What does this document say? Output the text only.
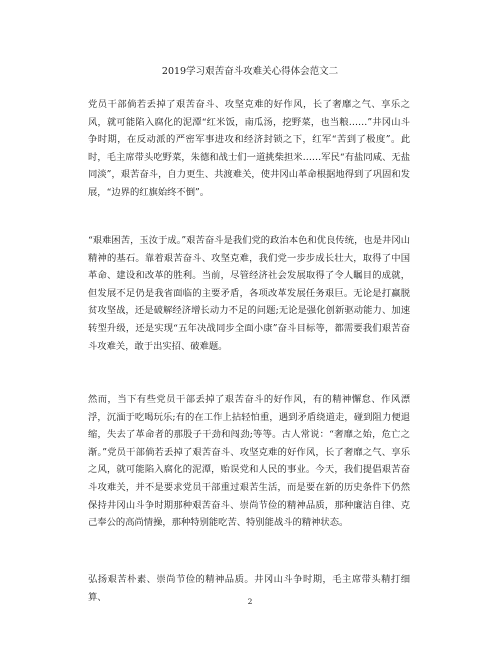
2019学习艰苦奋斗攻难关心得体会范文二

党员干部倘若丢掉了艰苦奋斗、攻坚克难的好作风，长了奢靡之气、享乐之风，就可能陷入腐化的泥潭“红米饭，南瓜汤，挖野菜，也当粮……”井冈山斗争时期，在反动派的严密军事进攻和经济封锁之下，红军“苦到了极度”。此时，毛主席带头吃野菜，朱德和战士们一道挑柴担米……军民“有盐同咸、无盐同淡”，艰苦奋斗，自力更生、共渡难关，使井冈山革命根据地得到了巩固和发展，“边界的红旗始终不倒”。

“艰难困苦，玉汝于成。”艰苦奋斗是我们党的政治本色和优良传统，也是井冈山精神的基石。靠着艰苦奋斗、攻坚克难，我们党一步步成长壮大，取得了中国革命、建设和改革的胜利。当前，尽管经济社会发展取得了令人瞩目的成就，但发展不足仍是我省面临的主要矛盾，各项改革发展任务艰巨。无论是打赢脱贫攻坚战，还是破解经济增长动力不足的问题;无论是强化创新驱动能力、加速转型升级，还是实现“五年决战同步全面小康”奋斗目标等，都需要我们艰苦奋斗攻难关，敢于出实招、破难题。

然而，当下有些党员干部丢掉了艰苦奋斗的好作风，有的精神懈怠、作风漂浮，沉湎于吃喝玩乐;有的在工作上拈轻怕重，遇到矛盾绕道走，碰到阻力便退缩，失去了革命者的那股子干劲和闯劲;等等。古人常说：“奢靡之始，危亡之渐。”党员干部倘若丢掉了艰苦奋斗、攻坚克难的好作风，长了奢靡之气、享乐之风，就可能陷入腐化的泥潭，贻误党和人民的事业。今天，我们提倡艰苦奋斗攻难关，并不是要求党员干部重过艰苦生活，而是要在新的历史条件下仍然保持井冈山斗争时期那种艰苦奋斗、崇尚节俭的精神品质，那种廉洁自律、克己奉公的高尚情操，那种特别能吃苦、特别能战斗的精神状态。

弘扬艰苦朴素、崇尚节俭的精神品质。井冈山斗争时期，毛主席带头精打细算、	2
